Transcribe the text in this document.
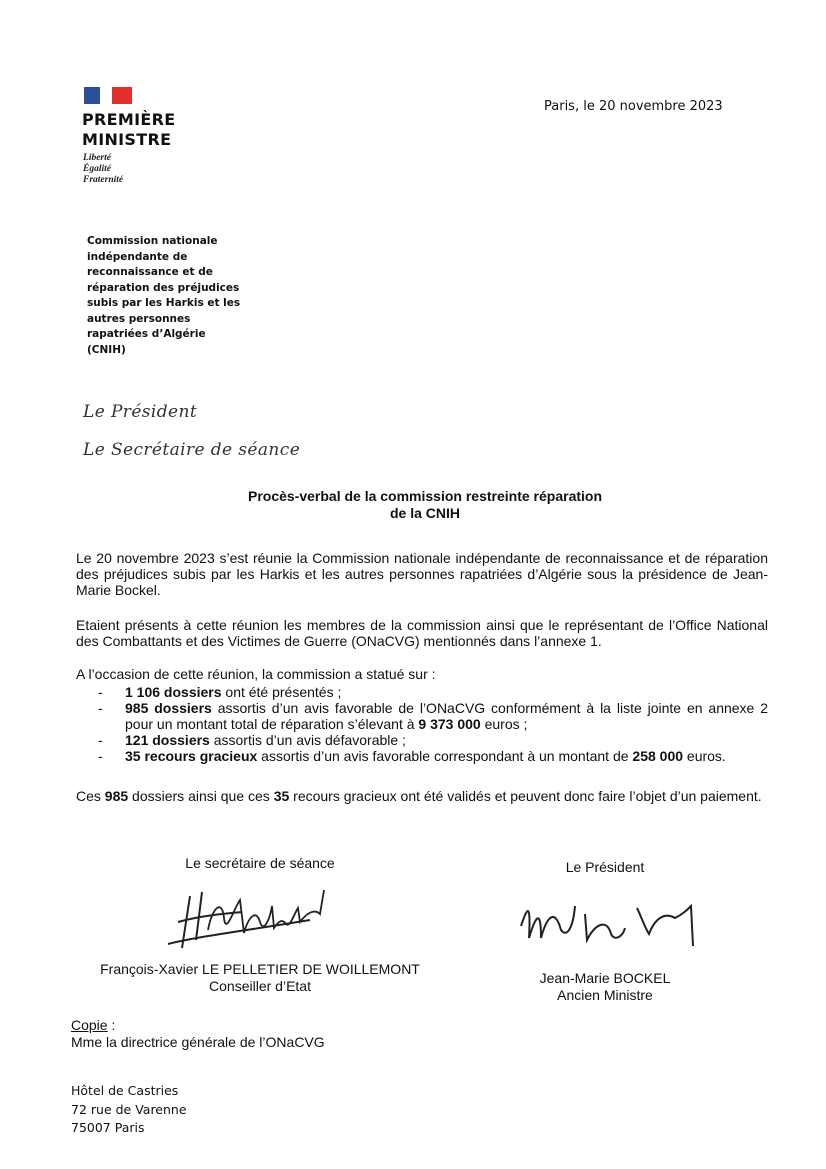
PREMIÈRE
MINISTRE
Liberté
Égalité
Fraternité
Paris, le 20 novembre 2023
Commission nationale
indépendante de
reconnaissance et de
réparation des préjudices
subis par les Harkis et les
autres personnes
rapatriées d’Algérie
(CNIH)
Le Président
Le Secrétaire de séance
Procès-verbal de la commission restreinte réparation
de la CNIH
Le 20 novembre 2023 s’est réunie la Commission nationale indépendante de reconnaissance et de réparation des préjudices subis par les Harkis et les autres personnes rapatriées d’Algérie sous la présidence de Jean-Marie Bockel.
Etaient présents à cette réunion les membres de la commission ainsi que le représentant de l’Office National des Combattants et des Victimes de Guerre (ONaCVG) mentionnés dans l’annexe 1.
A l’occasion de cette réunion, la commission a statué sur :
- 1 106 dossiers ont été présentés ;
- 985 dossiers assortis d’un avis favorable de l’ONaCVG conformément à la liste jointe en annexe 2 pour un montant total de réparation s’élevant à 9 373 000 euros ;
- 121 dossiers assortis d’un avis défavorable ;
- 35 recours gracieux assortis d’un avis favorable correspondant à un montant de 258 000 euros.
Ces 985 dossiers ainsi que ces 35 recours gracieux ont été validés et peuvent donc faire l’objet d’un paiement.
Le secrétaire de séance	Le Président
François-Xavier LE PELLETIER DE WOILLEMONT
Conseiller d’Etat	Jean-Marie BOCKEL
Ancien Ministre
Copie :
Mme la directrice générale de l’ONaCVG
Hôtel de Castries
72 rue de Varenne
75007 Paris
